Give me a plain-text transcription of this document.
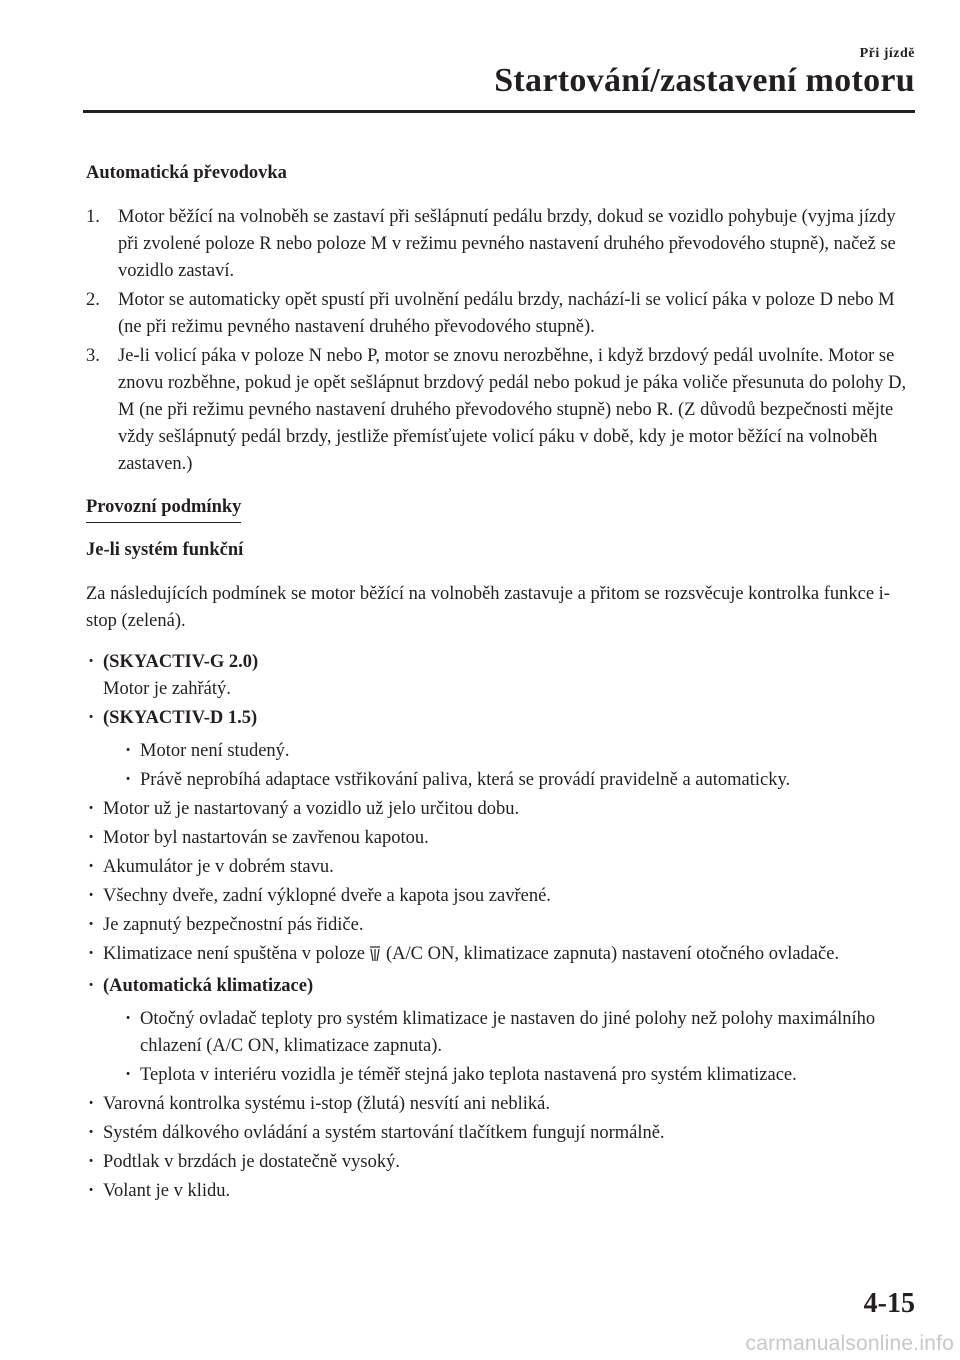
Při jízdě
Startování/zastavení motoru
Automatická převodovka
1. Motor běžící na volnoběh se zastaví při sešlápnutí pedálu brzdy, dokud se vozidlo pohybuje (vyjma jízdy při zvolené poloze R nebo poloze M v režimu pevného nastavení druhého převodového stupně), načež se vozidlo zastaví.
2. Motor se automaticky opět spustí při uvolnění pedálu brzdy, nachází-li se volicí páka v poloze D nebo M (ne při režimu pevného nastavení druhého převodového stupně).
3. Je-li volicí páka v poloze N nebo P, motor se znovu nerozběhne, i když brzdový pedál uvolníte. Motor se znovu rozběhne, pokud je opět sešlápnut brzdový pedál nebo pokud je páka voliče přesunuta do polohy D, M (ne při režimu pevného nastavení druhého převodového stupně) nebo R. (Z důvodů bezpečnosti mějte vždy sešlápnutý pedál brzdy, jestliže přemísťujete volicí páku v době, kdy je motor běžící na volnoběh zastaven.)
Provozní podmínky
Je-li systém funkční

Za následujících podmínek se motor běžící na volnoběh zastavuje a přitom se rozsvěcuje kontrolka funkce i-stop (zelená).

· (SKYACTIV-G 2.0)
Motor je zahřátý.
· (SKYACTIV-D 1.5)
· Motor není studený.
· Právě neprobíhá adaptace vstřikování paliva, která se provádí pravidelně a automaticky.
· Motor už je nastartovaný a vozidlo už jelo určitou dobu.
· Motor byl nastartován se zavřenou kapotou.
· Akumulátor je v dobrém stavu.
· Všechny dveře, zadní výklopné dveře a kapota jsou zavřené.
· Je zapnutý bezpečnostní pás řidiče.
· Klimatizace není spuštěna v poloze (A/C ON, klimatizace zapnuta) nastavení otočného ovladače.
· (Automatická klimatizace)
· Otočný ovladač teploty pro systém klimatizace je nastaven do jiné polohy než polohy maximálního chlazení (A/C ON, klimatizace zapnuta).
· Teplota v interiéru vozidla je téměř stejná jako teplota nastavená pro systém klimatizace.
· Varovná kontrolka systému i-stop (žlutá) nesvítí ani nebliká.
· Systém dálkového ovládání a systém startování tlačítkem fungují normálně.
· Podtlak v brzdách je dostatečně vysoký.
· Volant je v klidu.
4-15
carmanualsonline.info
